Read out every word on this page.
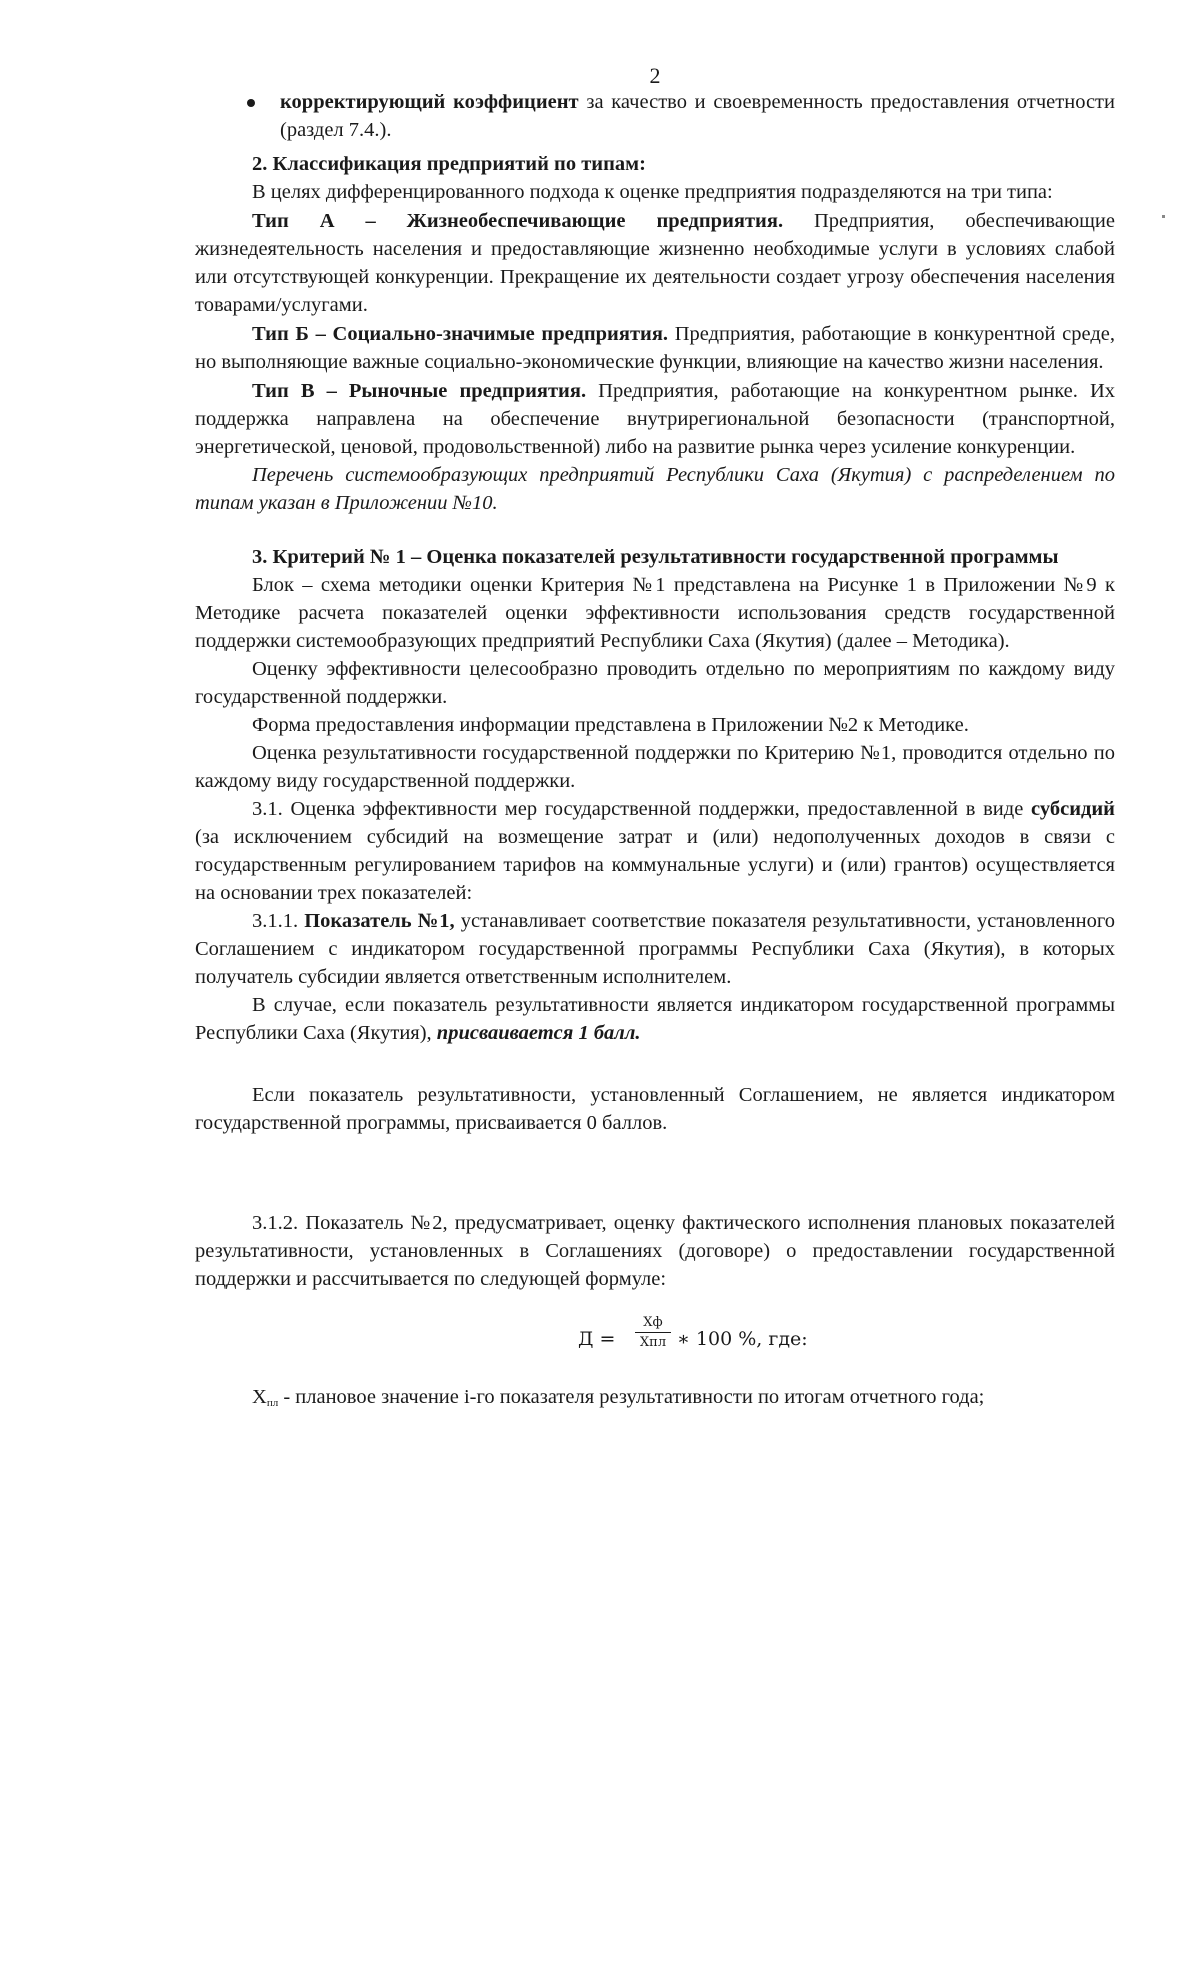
2
корректирующий коэффициент за качество и своевременность предоставления отчетности (раздел 7.4.).

2. Классификация предприятий по типам:

В целях дифференцированного подхода к оценке предприятия подразделяются на три типа:

Тип А – Жизнеобеспечивающие предприятия. Предприятия, обеспечивающие жизнедеятельность населения и предоставляющие жизненно необходимые услуги в условиях слабой или отсутствующей конкуренции. Прекращение их деятельности создает угрозу обеспечения населения товарами/услугами.

Тип Б – Социально-значимые предприятия. Предприятия, работающие в конкурентной среде, но выполняющие важные социально-экономические функции, влияющие на качество жизни населения.

Тип В – Рыночные предприятия. Предприятия, работающие на конкурентном рынке. Их поддержка направлена на обеспечение внутрирегиональной безопасности (транспортной, энергетической, ценовой, продовольственной) либо на развитие рынка через усиление конкуренции.

Перечень системообразующих предприятий Республики Саха (Якутия) с распределением по типам указан в Приложении №10.

3. Критерий № 1 – Оценка показателей результативности государственной программы

Блок – схема методики оценки Критерия №1 представлена на Рисунке 1 в Приложении №9 к Методике расчета показателей оценки эффективности использования средств государственной поддержки системообразующих предприятий Республики Саха (Якутия) (далее – Методика).

Оценку эффективности целесообразно проводить отдельно по мероприятиям по каждому виду государственной поддержки.

Форма предоставления информации представлена в Приложении №2 к Методике.

Оценка результативности государственной поддержки по Критерию №1, проводится отдельно по каждому виду государственной поддержки.

3.1. Оценка эффективности мер государственной поддержки, предоставленной в виде субсидий (за исключением субсидий на возмещение затрат и (или) недополученных доходов в связи с государственным регулированием тарифов на коммунальные услуги) и (или) грантов) осуществляется на основании трех показателей:

3.1.1. Показатель №1, устанавливает соответствие показателя результативности, установленного Соглашением с индикатором государственной программы Республики Саха (Якутия), в которых получатель субсидии является ответственным исполнителем.

В случае, если показатель результативности является индикатором государственной программы Республики Саха (Якутия), присваивается 1 балл.

Если показатель результативности, установленный Соглашением, не является индикатором государственной программы, присваивается 0 баллов.

3.1.2. Показатель №2, предусматривает, оценку фактического исполнения плановых показателей результативности, установленных в Соглашениях (договоре) о предоставлении государственной поддержки и рассчитывается по следующей формуле:

Д =
Xф
Xпл ∗ 100 %, где:

$X_{пл}$ - плановое значение i-го показателя результативности по итогам отчетного года;
